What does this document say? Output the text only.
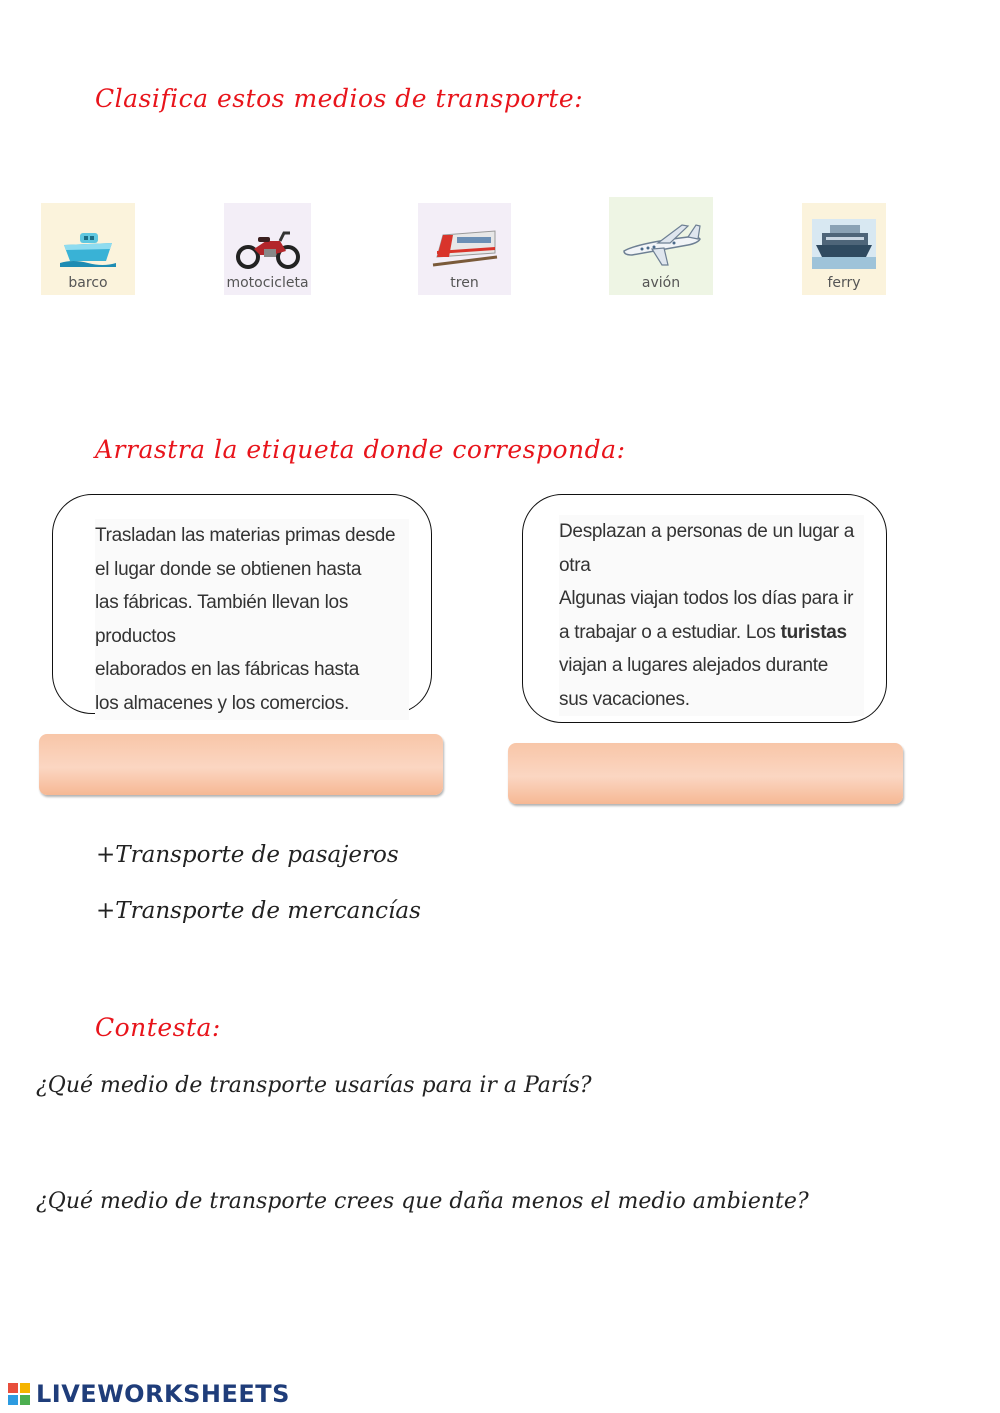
Clasifica estos medios de transporte:
barco	motocicleta	tren	avión	ferry
Arrastra la etiqueta donde corresponda:
Trasladan las materias primas desde
el lugar donde se obtienen hasta
las fábricas. También llevan los productos
elaborados en las fábricas hasta
los almacenes y los comercios.
Desplazan a personas de un lugar a otra
Algunas viajan todos los días para ir
a trabajar o a estudiar. Los turistas
viajan a lugares alejados durante
sus vacaciones.
+Transporte de pasajeros
+Transporte de mercancías
Contesta:
¿Qué medio de transporte usarías para ir a París?
¿Qué medio de transporte crees que daña menos el medio ambiente?
LIVEWORKSHEETS
